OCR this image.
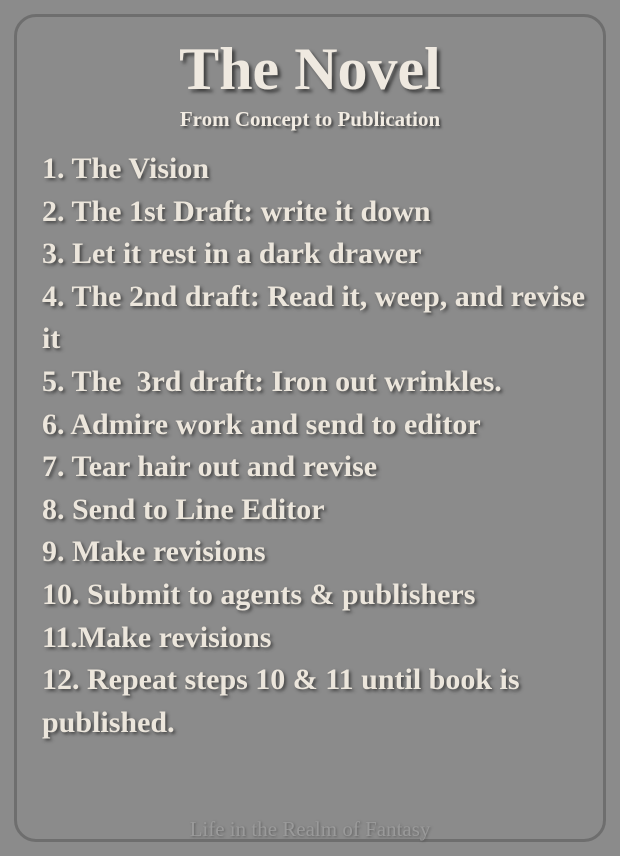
The Novel
From Concept to Publication
1. The Vision
2. The 1st Draft: write it down
3. Let it rest in a dark drawer
4. The 2nd draft: Read it, weep, and revise it
5. The  3rd draft: Iron out wrinkles.
6. Admire work and send to editor
7. Tear hair out and revise
8. Send to Line Editor
9. Make revisions
10. Submit to agents & publishers
11.Make revisions
12. Repeat steps 10 & 11 until book is published.
Life in the Realm of Fantasy
